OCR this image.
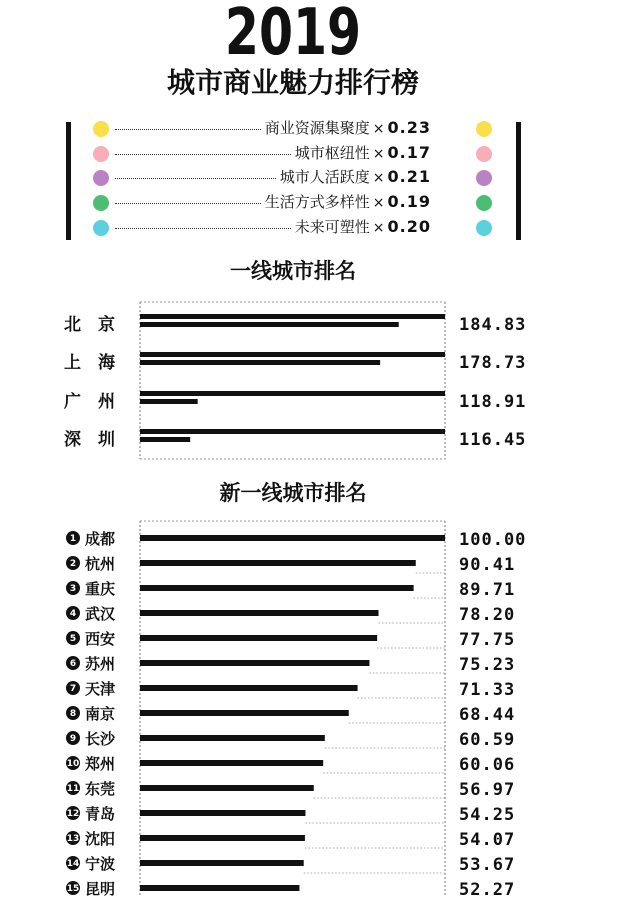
2019
城市商业魅力排行榜
商业资源集聚度 × 0.23
城市枢纽性 × 0.17
城市人活跃度 × 0.21
生活方式多样性 × 0.19
未来可塑性 × 0.20
一线城市排名
新一线城市排名
北　京	184.83
上　海	178.73
广　州	118.91
深　圳	116.45
1 成都	100.00
2 杭州	90.41
3 重庆	89.71
4 武汉	78.20
5 西安	77.75
6 苏州	75.23
7 天津	71.33
8 南京	68.44
9 长沙	60.59
10 郑州	60.06
11 东莞	56.97
12 青岛	54.25
13 沈阳	54.07
14 宁波	53.67
15 昆明	52.27
